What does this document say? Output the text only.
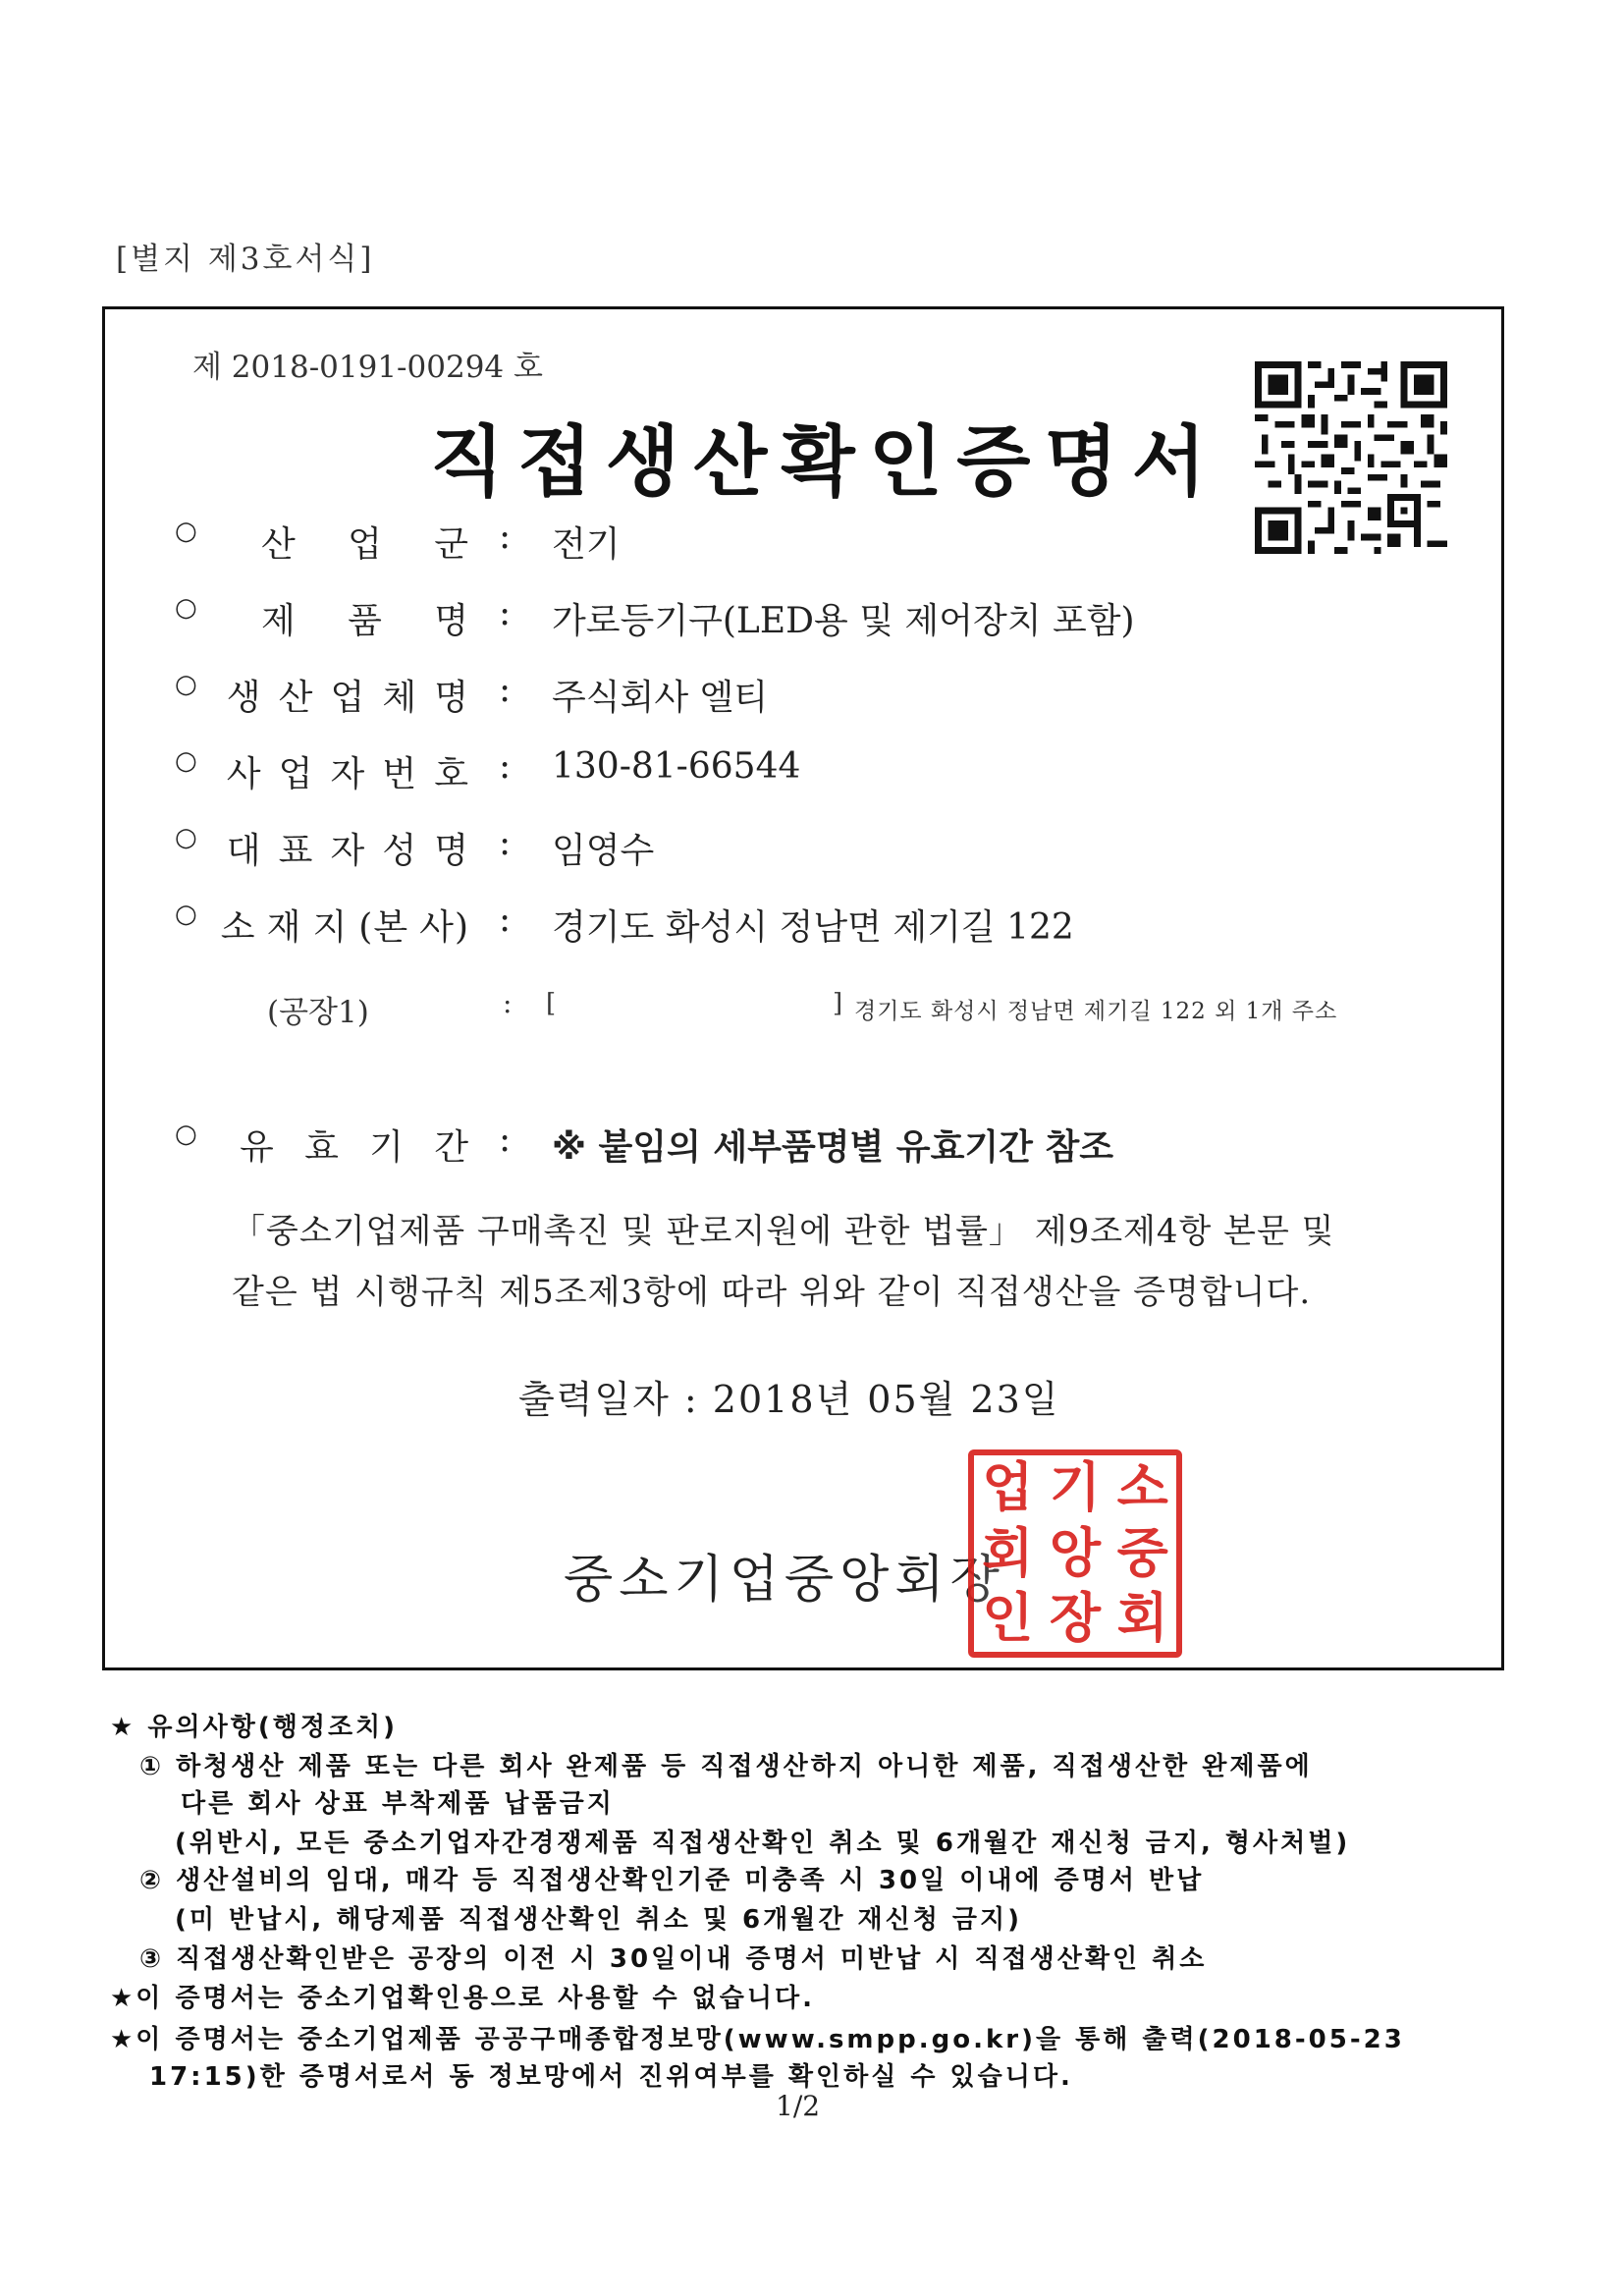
[별지 제3호서식]
제 2018-0191-00294 호
직접생산확인증명서
○ 산 업 군 : 전기
○ 제 품 명 : 가로등기구(LED용 및 제어장치 포함)
○ 생 산 업 체 명 : 주식회사 엘티
○ 사 업 자 번 호 : 130-81-66544
○ 대 표 자 성 명 : 임영수
○ 소 재 지 (본 사) : 경기도 화성시 정남면 제기길 122
(공장1)	: [	] 경기도 화성시 정남면 제기길 122 외 1개 주소
○ 유 효 기 간 : ※ 붙임의 세부품명별 유효기간 참조
「중소기업제품 구매촉진 및 판로지원에 관한 법률」 제9조제4항 본문 및
같은 법 시행규칙 제5조제3항에 따라 위와 같이 직접생산을 증명합니다.
출력일자 : 2018년 05월 23일
중소기업중앙회장
업 기 소
회 앙 중
인 장 회
★ 유의사항(행정조치)
① 하청생산 제품 또는 다른 회사 완제품 등 직접생산하지 아니한 제품, 직접생산한 완제품에
다른 회사 상표 부착제품 납품금지
(위반시, 모든 중소기업자간경쟁제품 직접생산확인 취소 및 6개월간 재신청 금지, 형사처벌)
② 생산설비의 임대, 매각 등 직접생산확인기준 미충족 시 30일 이내에 증명서 반납
(미 반납시, 해당제품 직접생산확인 취소 및 6개월간 재신청 금지)
③ 직접생산확인받은 공장의 이전 시 30일이내 증명서 미반납 시 직접생산확인 취소
★이 증명서는 중소기업확인용으로 사용할 수 없습니다.
★이 증명서는 중소기업제품 공공구매종합정보망(www.smpp.go.kr)을 통해 출력(2018-05-23
17:15)한 증명서로서 동 정보망에서 진위여부를 확인하실 수 있습니다.
1/2
